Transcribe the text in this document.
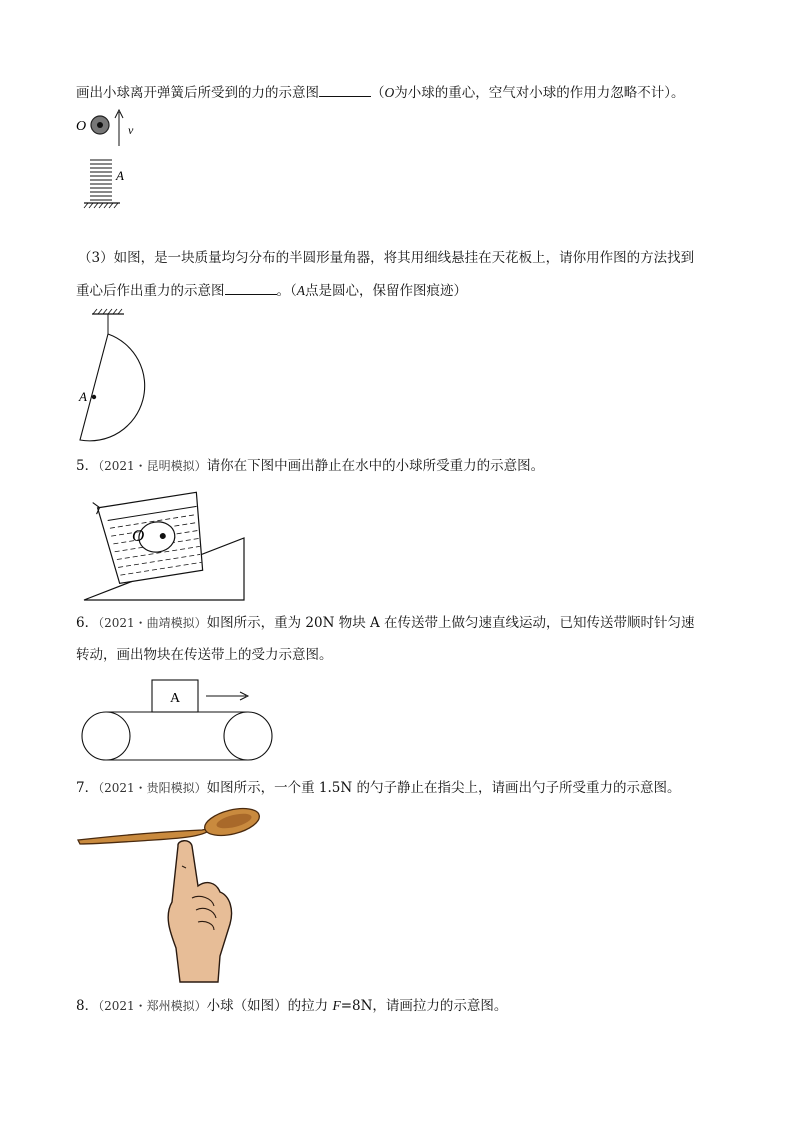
画出小球离开弹簧后所受到的力的示意图	（O为小球的重心，空气对小球的作用力忽略不计）。
O	v
A
（3）如图，是一块质量均匀分布的半圆形量角器，将其用细线悬挂在天花板上，请你用作图的方法找到
重心后作出重力的示意图	。（A点是圆心，保留作图痕迹）
A
5．（2021・昆明模拟）请你在下图中画出静止在水中的小球所受重力的示意图。
O
6．（2021・曲靖模拟）如图所示，重为 20N 物块 A 在传送带上做匀速直线运动，已知传送带顺时针匀速
转动，画出物块在传送带上的受力示意图。
A
7．（2021・贵阳模拟）如图所示，一个重 1.5N 的勺子静止在指尖上，请画出勺子所受重力的示意图。
8．（2021・郑州模拟）小球（如图）的拉力 F=8N，请画拉力的示意图。
